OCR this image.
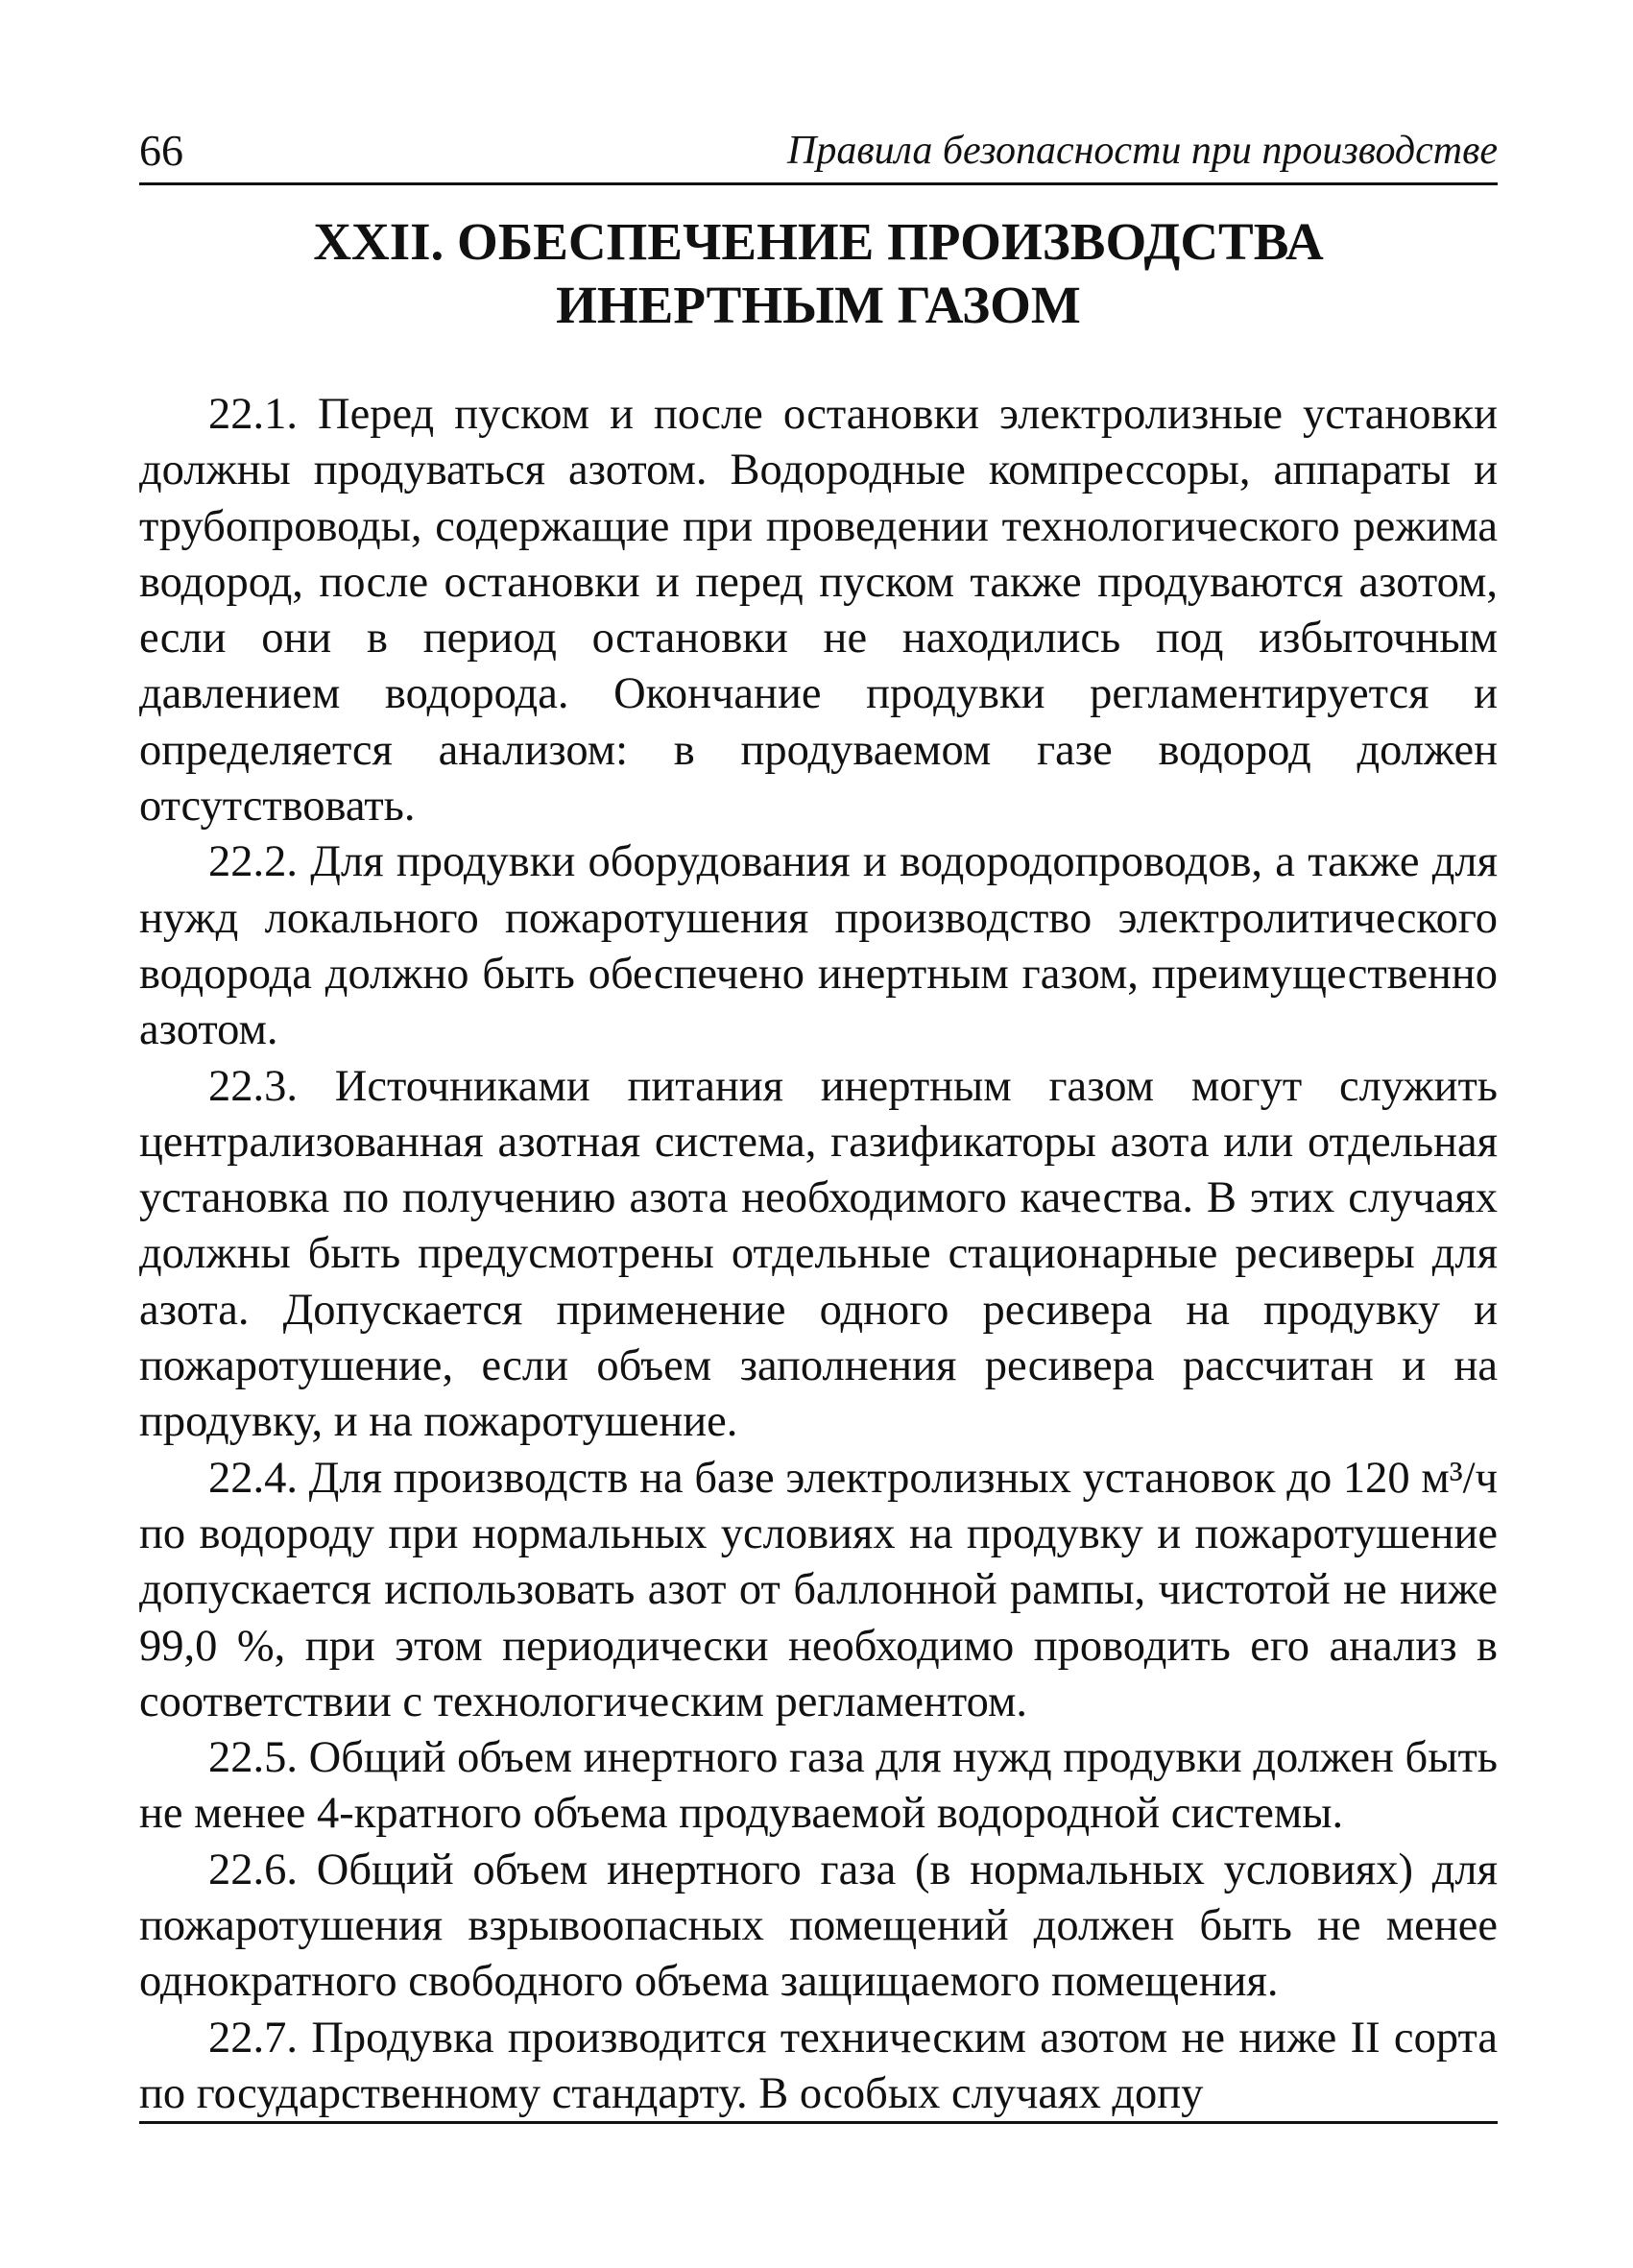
66	Правила безопасности при производстве
XXII. ОБЕСПЕЧЕНИЕ ПРОИЗВОДСТВА
ИНЕРТНЫМ ГАЗОМ

22.1. Перед пуском и после остановки электролизные установки должны продуваться азотом. Водородные компрессоры, аппараты и трубопроводы, содержащие при проведении технологического режима водород, после остановки и перед пуском также продуваются азотом, если они в период остановки не находились под избыточным давлением водорода. Окончание продувки регламентируется и определяется анализом: в продуваемом газе водород должен отсутствовать.

22.2. Для продувки оборудования и водородопроводов, а также для нужд локального пожаротушения производство электролитического водорода должно быть обеспечено инертным газом, преимущественно азотом.

22.3. Источниками питания инертным газом могут служить централизованная азотная система, газификаторы азота или отдельная установка по получению азота необходимого качества. В этих случаях должны быть предусмотрены отдельные стационарные ресиверы для азота. Допускается применение одного ресивера на продувку и пожаротушение, если объем заполнения ресивера рассчитан и на продувку, и на пожаротушение.

22.4. Для производств на базе электролизных установок до 120 м³/ч по водороду при нормальных условиях на продувку и пожаротушение допускается использовать азот от баллонной рампы, чистотой не ниже 99,0 %, при этом периодически необходимо проводить его анализ в соответствии с технологическим регламентом.

22.5. Общий объем инертного газа для нужд продувки должен быть не менее 4-кратного объема продуваемой водородной системы.

22.6. Общий объем инертного газа (в нормальных условиях) для пожаротушения взрывоопасных помещений должен быть не менее однократного свободного объема защищаемого помещения.

22.7. Продувка производится техническим азотом не ниже II сорта по государственному стандарту. В особых случаях допу
